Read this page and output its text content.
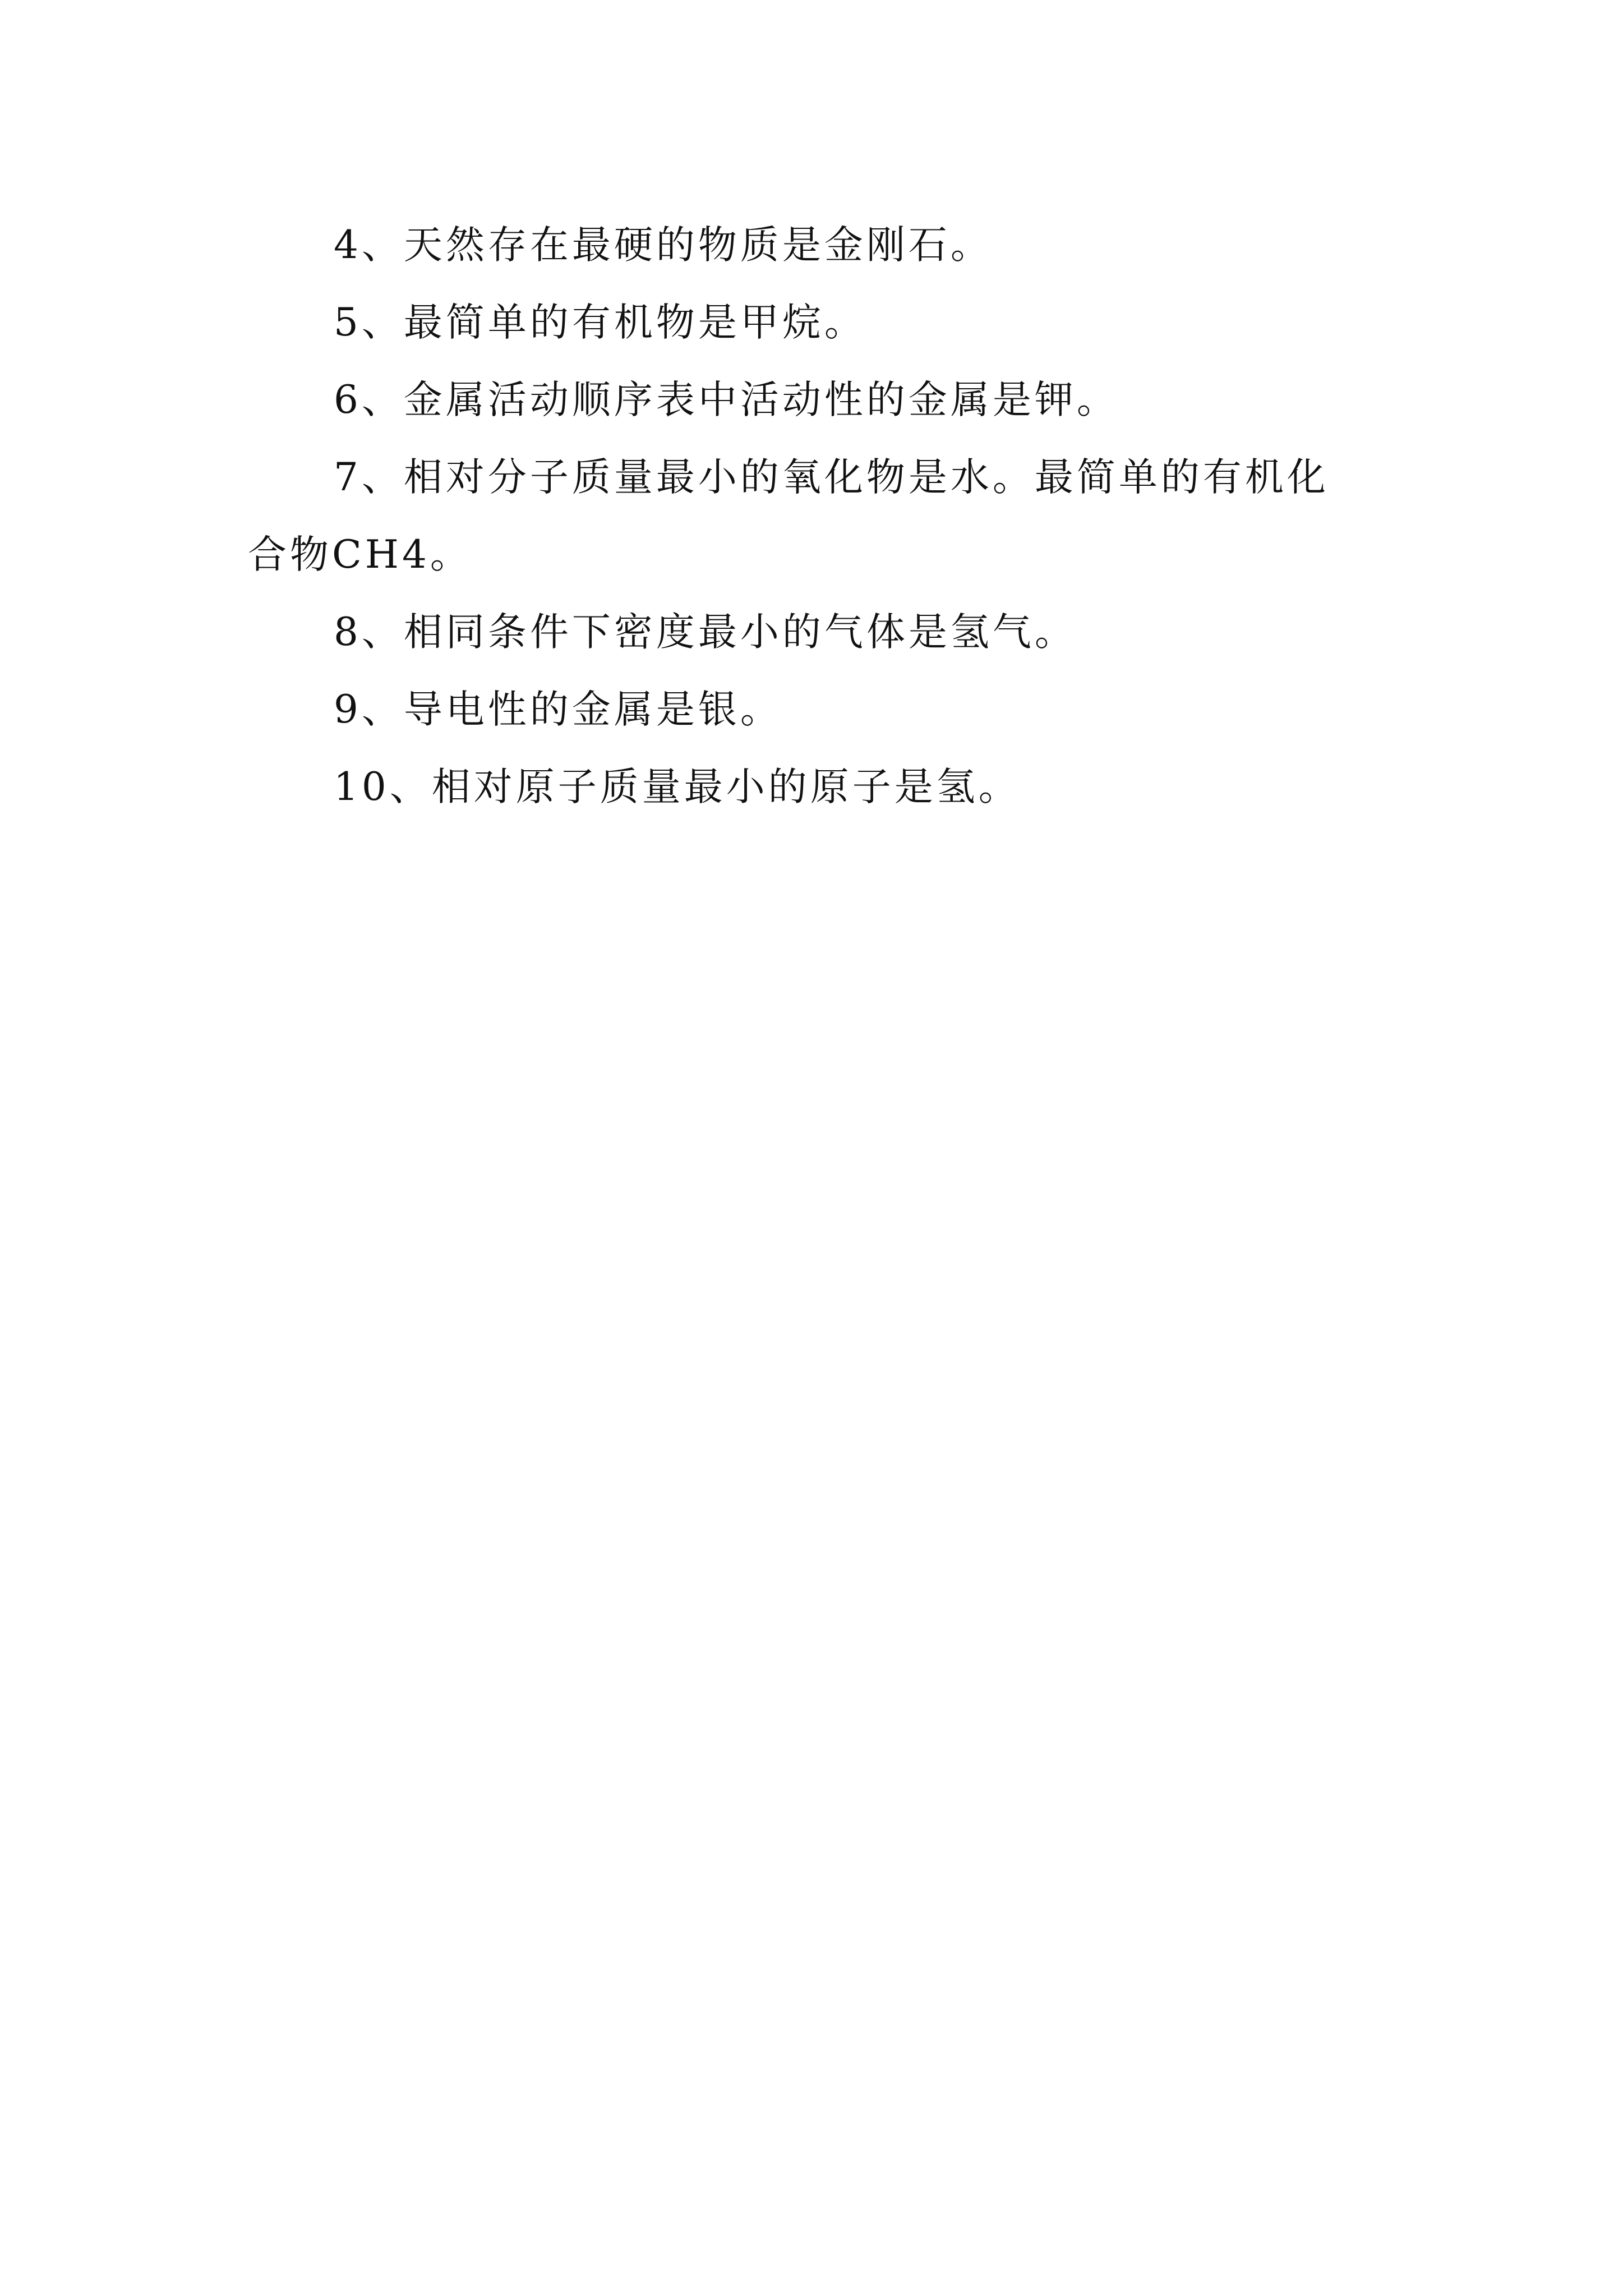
4、天然存在最硬的物质是金刚石。

5、最简单的有机物是甲烷。

6、金属活动顺序表中活动性的金属是钾。

7、相对分子质量最小的氧化物是水。最简单的有机化
合物CH4。

8、相同条件下密度最小的气体是氢气。

9、导电性的金属是银。

10、相对原子质量最小的原子是氢。
